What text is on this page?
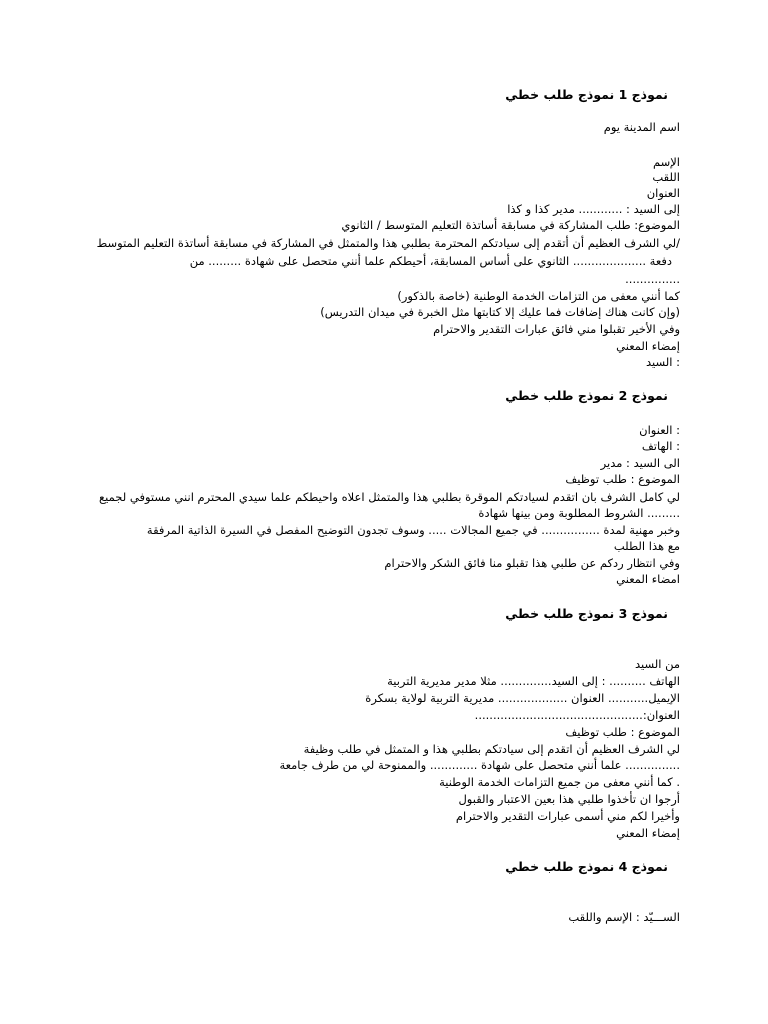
نموذج 1 نموذج طلب خطي
اسم المدينة يوم
الإسم
اللقب
العنوان
إلى السيد : ............ مدير كذا و كذا
الموضوع: طلب المشاركة في مسابقة أساتذة التعليم المتوسط / الثانوي
/لي الشرف العظيم أن أتقدم إلى سيادتكم المحترمة بطلبي هذا والمتمثل في المشاركة في مسابقة أساتذة التعليم المتوسط
دفعة .................... الثانوي على أساس المسابقة، أحيطكم علما أنني متحصل على شهادة ......... من
...............
كما أنني معفى من التزامات الخدمة الوطنية (خاصة بالذكور)
(وإن كانت هناك إضافات فما عليك إلا كتابتها مثل الخبرة في ميدان التدريس)
وفي الأخير تقبلوا مني فائق عبارات التقدير والاحترام
إمضاء المعني
: السيد
نموذج 2 نموذج طلب خطي
: العنوان
: الهاتف
الى السيد : مدير
الموضوع : طلب توظيف
لي كامل الشرف بان اتقدم لسيادتكم الموقرة بطلبي هذا والمتمثل اعلاه واحيطكم علما سيدي المحترم انني مستوفي لجميع
......... الشروط المطلوبة ومن بينها شهادة
وخبر مهنية لمدة ................ في جميع المجالات ..... وسوف تجدون التوضيح المفصل في السيرة الذاتية المرفقة
مع هذا الطلب
وفي انتظار ردكم عن طلبي هذا تقبلو منا فائق الشكر والاحترام
امضاء المعني
نموذج 3 نموذج طلب خطي
من السيد
الهاتف .......... : إلى السيد.............. مثلا مدير مديرية التربية
الإيميل........... العنوان ................... مديرية التربية لولاية بسكرة
العنوان:..............................................
الموضوع : طلب توظيف
لي الشرف العظيم أن اتقدم إلى سيادتكم بطلبي هذا و المتمثل في طلب وظيفة
............... علما أنني متحصل على شهادة ............. والممنوحة لي من طرف جامعة
. كما أنني معفى من جميع التزامات الخدمة الوطنية
أرجوا ان تأخذوا طلبي هذا بعين الاعتبار والقبول
وأخيرا لكم مني أسمى عبارات التقدير والاحترام
إمضاء المعني
نموذج 4 نموذج طلب خطي
الســـيّد : الإسم واللقب
